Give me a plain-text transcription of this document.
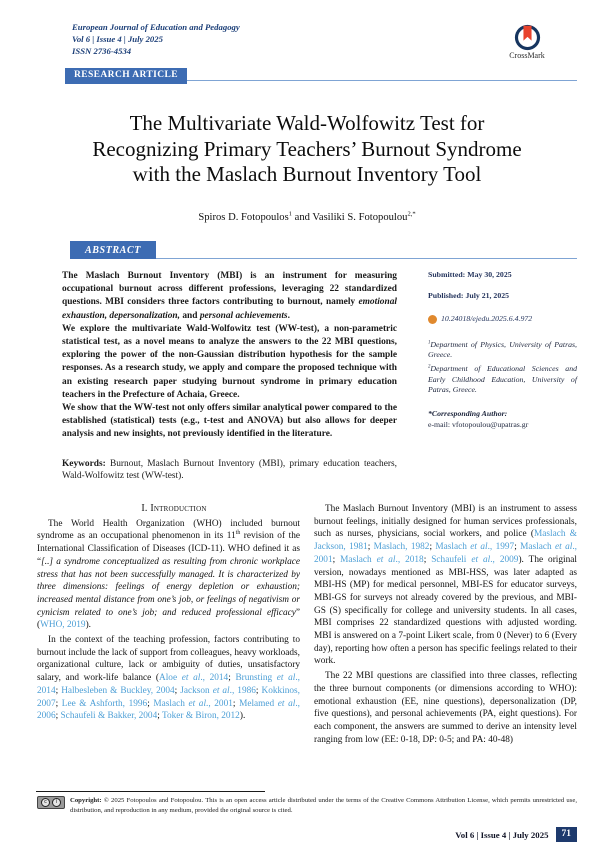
European Journal of Education and Pedagogy
Vol 6 | Issue 4 | July 2025
ISSN 2736-4534	CrossMark
RESEARCH ARTICLE
The Multivariate Wald-Wolfowitz Test for
Recognizing Primary Teachers’ Burnout Syndrome
with the Maslach Burnout Inventory Tool
Spiros D. Fotopoulos$^1$ and Vasiliki S. Fotopoulou$^{2,*}$
ABSTRACT

The Maslach Burnout Inventory (MBI) is an instrument for measuring occupational burnout across different professions, leveraging 22 standardized questions. MBI considers three factors contributing to burnout, namely emotional exhaustion, depersonalization, and personal achievements.

We explore the multivariate Wald-Wolfowitz test (WW-test), a non-parametric statistical test, as a novel means to analyze the answers to the 22 MBI questions, exploring the power of the non-Gaussian distribution hypothesis for the sample responses. As a research study, we apply and compare the proposed technique with an existing research paper studying burnout syndrome in primary education teachers in the Prefecture of Achaia, Greece.

We show that the WW-test not only offers similar analytical power compared to the established (statistical) tests (e.g., t-test and ANOVA) but also allows for deeper analysis and new insights, not previously identified in the literature.

Keywords: Burnout, Maslach Burnout Inventory (MBI), primary education teachers, Wald-Wolfowitz test (WW-test).
Submitted: May 30, 2025
Published: July 21, 2025
10.24018/ejedu.2025.6.4.972
$^1$Department of Physics, University of Patras, Greece.
$^2$Department of Educational Sciences and Early Childhood Education, University of Patras, Greece.
*Corresponding Author:
e-mail: vfotopoulou@upatras.gr

I. Introduction

The World Health Organization (WHO) included burnout syndrome as an occupational phenomenon in its 11th revision of the International Classification of Diseases (ICD-11). WHO defined it as “[..] a syndrome conceptualized as resulting from chronic workplace stress that has not been successfully managed. It is characterized by three dimensions: feelings of energy depletion or exhaustion; increased mental distance from one’s job, or feelings of negativism or cynicism related to one’s job; and reduced professional efficacy” (WHO, 2019).

In the context of the teaching profession, factors contributing to burnout include the lack of support from colleagues, heavy workloads, organizational culture, lack or ambiguity of duties, unsatisfactory salary, and work-life balance (Aloe et al., 2014; Brunsting et al., 2014; Halbesleben & Buckley, 2004; Jackson et al., 1986; Kokkinos, 2007; Lee & Ashforth, 1996; Maslach et al., 2001; Melamed et al., 2006; Schaufeli & Bakker, 2004; Toker & Biron, 2012).

The Maslach Burnout Inventory (MBI) is an instrument to assess burnout feelings, initially designed for human services professionals, such as nurses, physicians, social workers, and police (Maslach & Jackson, 1981; Maslach, 1982; Maslach et al., 1997; Maslach et al., 2001; Maslach et al., 2018; Schaufeli et al., 2009). The original version, nowadays mentioned as MBI-HSS, was later adapted as MBI-HS (MP) for medical personnel, MBI-ES for educator surveys, MBI-GS for surveys not already covered by the previous, and MBI-GS (S) specifically for college and university students. In all cases, MBI comprises 22 standardized questions with adjusted wording. MBI is answered on a 7-point Likert scale, from 0 (Never) to 6 (Every day), reporting how often a person has specific feelings related to their work.

The 22 MBI questions are classified into three classes, reflecting the three burnout components (or dimensions according to WHO): emotional exhaustion (EE, nine questions), depersonalization (DP, five questions), and personal achievements (PA, eight questions). For each component, the answers are summed to derive an intensity level ranging from low (EE: 0-18, DP: 0-5; and PA: 40-48)

c	i	Copyright: © 2025 Fotopoulos and Fotopoulou. This is an open access article distributed under the terms of the Creative Commons Attribution License, which permits unrestricted use, distribution, and reproduction in any medium, provided the original source is cited.
Vol 6 | Issue 4 | July 2025	71
